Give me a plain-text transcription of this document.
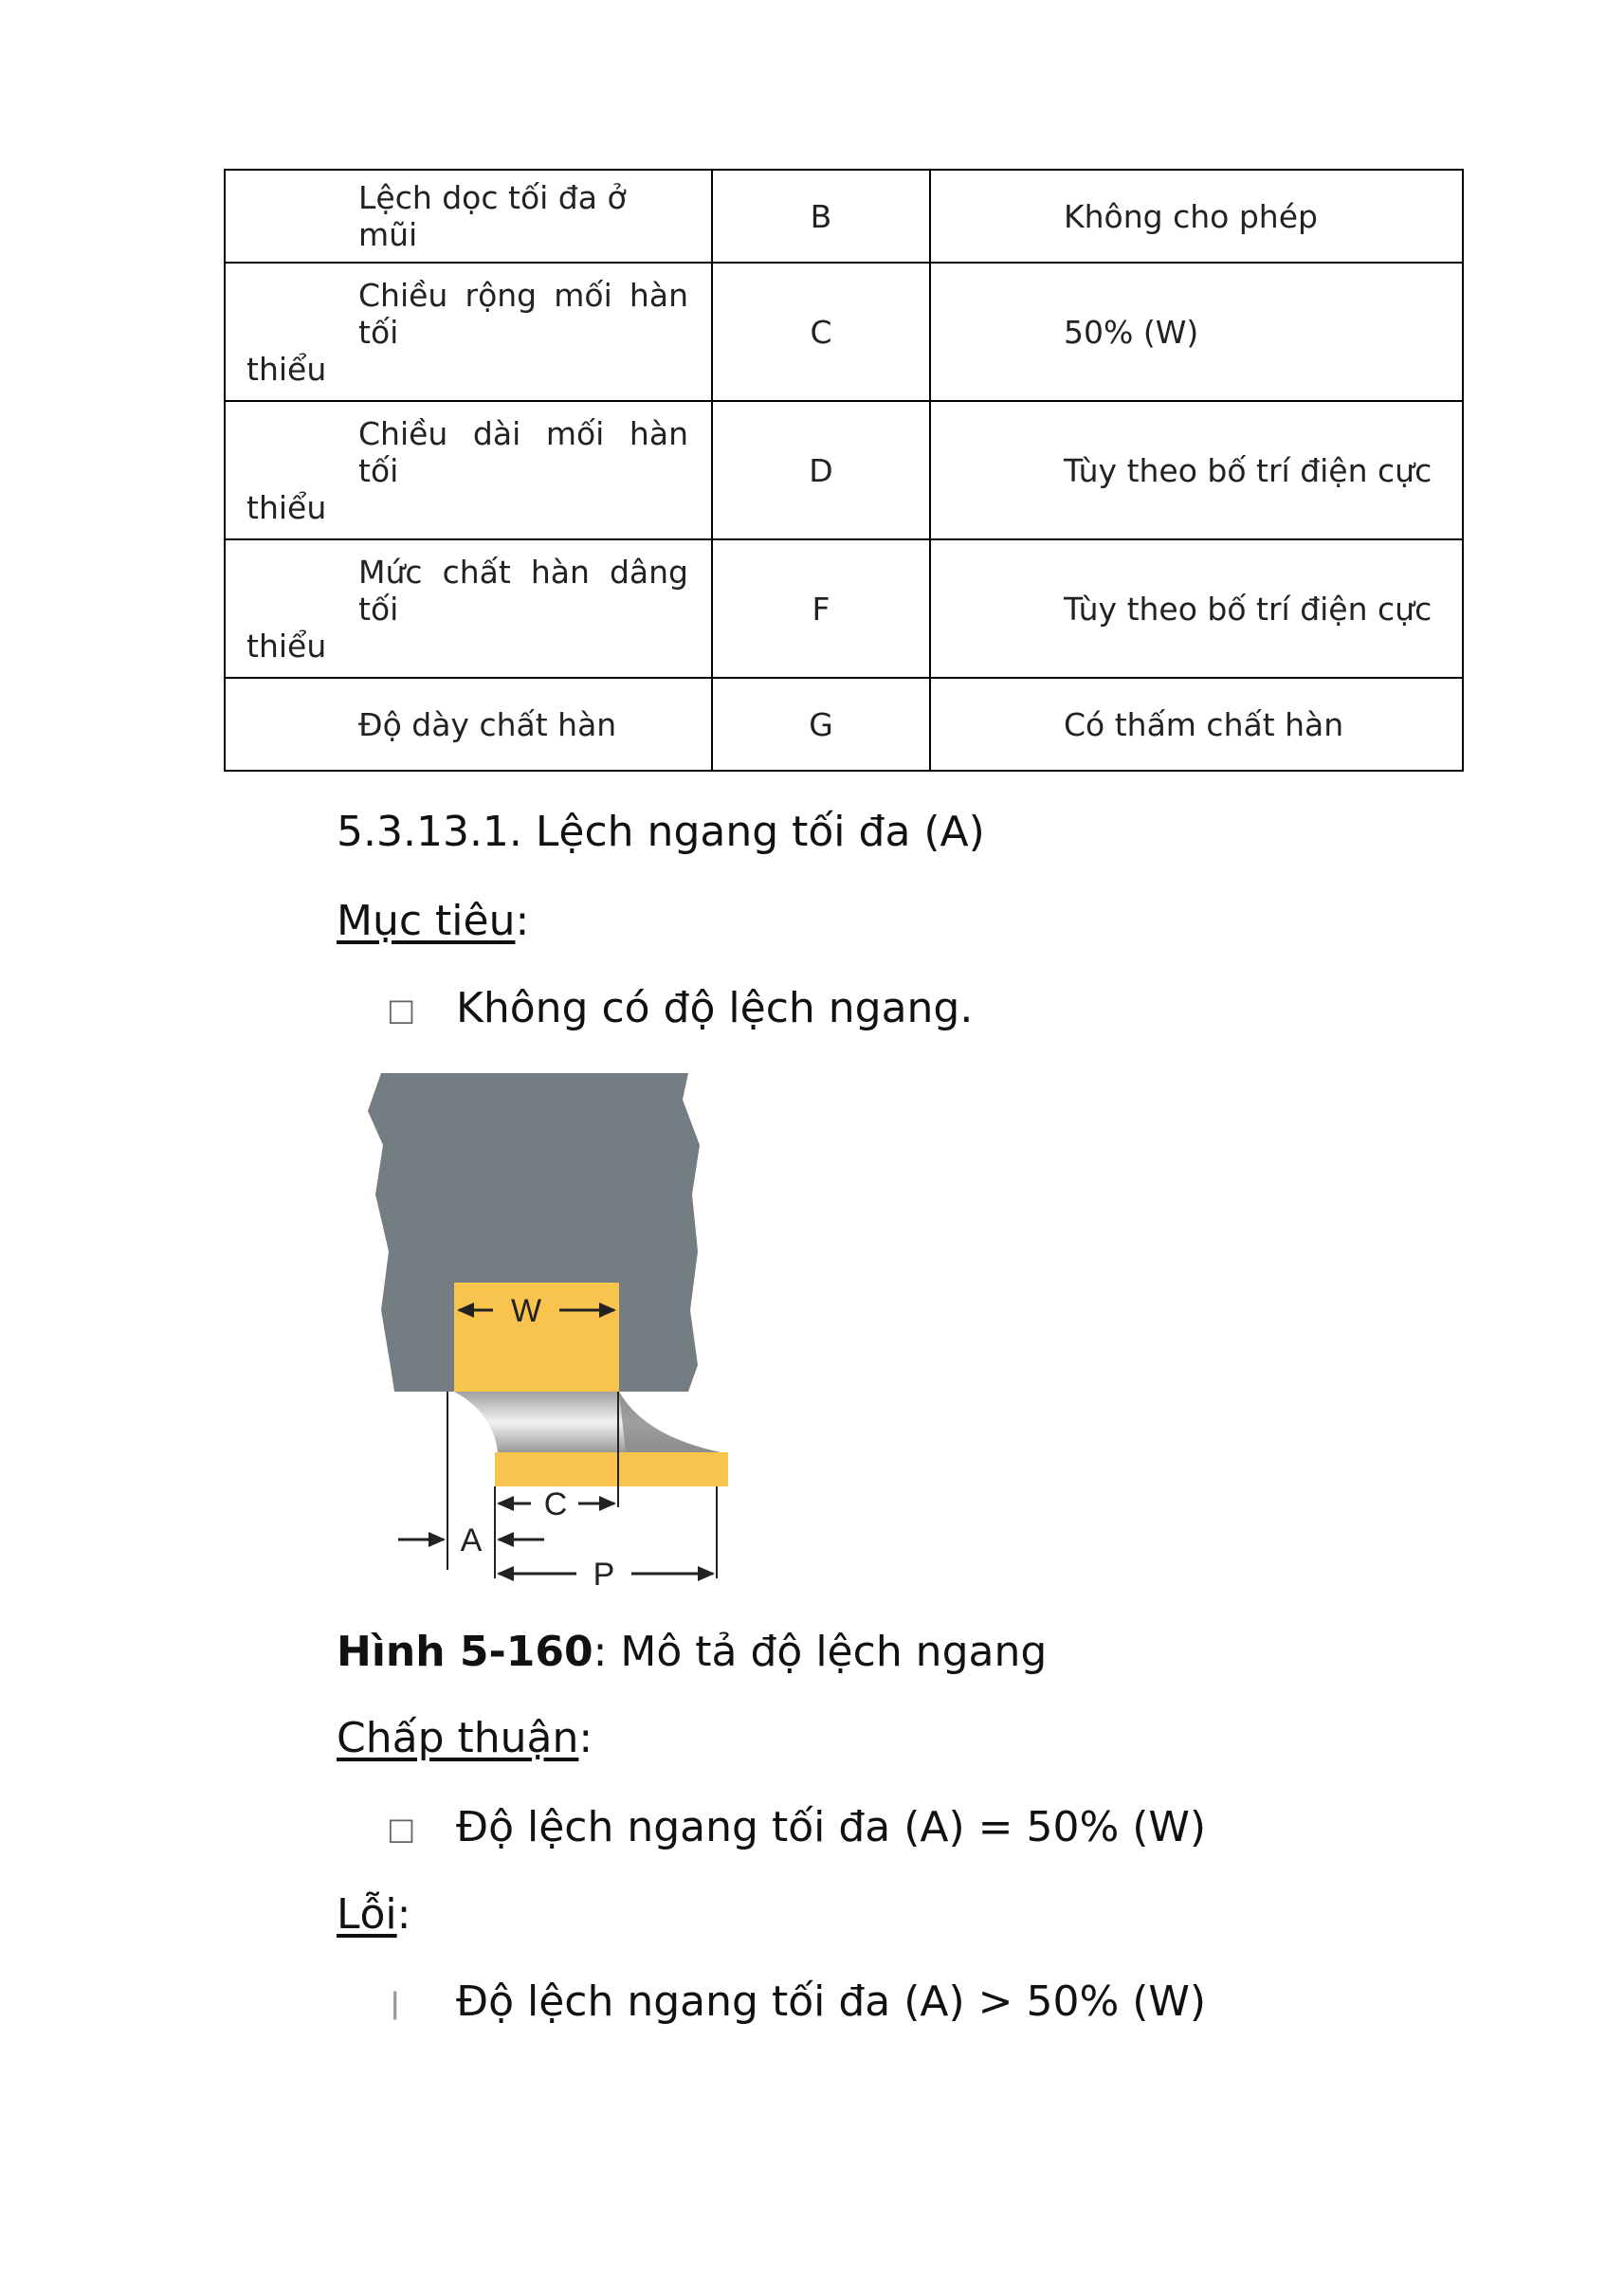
Lệch dọc tối đa ở mũi	B	Không cho phép

Chiều rộng mối hàn tối
thiểu	C	50% (W)

Chiều dài mối hàn tối
thiểu	D	Tùy theo bố trí điện cực

Mức chất hàn dâng tối
thiểu	F	Tùy theo bố trí điện cực

Độ dày chất hàn	G	Có thấm chất hàn
5.3.13.1. Lệch ngang tối đa (A)
Mục tiêu:
□ Không có độ lệch ngang.
W
C
A
P
Hình 5-160: Mô tả độ lệch ngang
Chấp thuận:
□ Độ lệch ngang tối đa (A) = 50% (W)
Lỗi:
ǀ Độ lệch ngang tối đa (A) > 50% (W)
